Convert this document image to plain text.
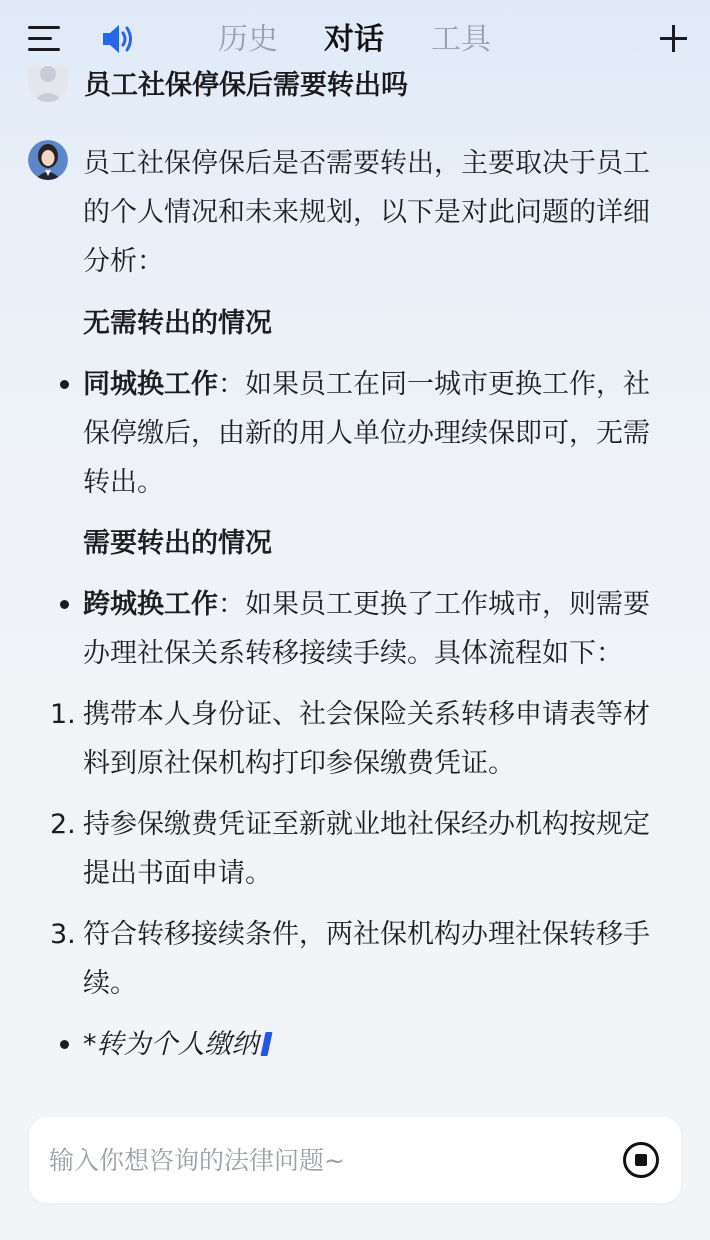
历史 对话 工具
员工社保停保后需要转出吗

员工社保停保后是否需要转出，主要取决于员工的个人情况和未来规划，以下是对此问题的详细分析：

无需转出的情况
同城换工作：如果员工在同一城市更换工作，社保停缴后，由新的用人单位办理续保即可，无需转出。
需要转出的情况
跨城换工作：如果员工更换了工作城市，则需要办理社保关系转移接续手续。具体流程如下：
1. 携带本人身份证、社会保险关系转移申请表等材料到原社保机构打印参保缴费凭证。
2. 持参保缴费凭证至新就业地社保经办机构按规定提出书面申请。
3. 符合转移接续条件，两社保机构办理社保转移手续。
*转为个人缴纳
输入你想咨询的法律问题~
